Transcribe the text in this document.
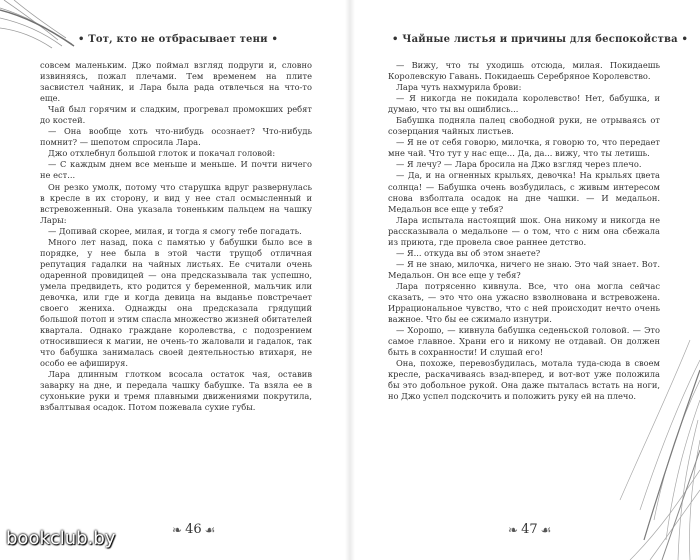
• Тот, кто не отбрасывает тени •

совсем маленьким. Джо поймал взгляд подруги и, словно извиняясь, пожал плечами. Тем временем на плите засвистел чайник, и Лара была рада отвлечься на что-то еще.

Чай был горячим и сладким, прогревал промокших ребят до костей.

— Она вообще хоть что-нибудь осознает? Что-нибудь помнит? — шепотом спросила Лара.

Джо отхлебнул большой глоток и покачал головой:

— С каждым днем все меньше и меньше. И почти ничего не ест...

Он резко умолк, потому что старушка вдруг развернулась в кресле в их сторону, и вид у нее стал осмысленный и встревоженный. Она указала тоненьким пальцем на чашку Лары:

— Допивай скорее, милая, и тогда я смогу тебе погадать.

Много лет назад, пока с памятью у бабушки было все в порядке, у нее была в этой части трущоб отличная репутация гадалки на чайных листьях. Ее считали очень одаренной провидицей — она предсказывала так успешно, умела предвидеть, кто родится у беременной, мальчик или девочка, или где и когда девица на выданье повстречает своего жениха. Однажды она предсказала грядущий большой потоп и этим спасла множество жизней обитателей квартала. Однако граждане королевства, с подозрением относившиеся к магии, не очень-то жаловали и гадалок, так что бабушка занималась своей деятельностью втихаря, не особо ее афишируя.

Лара длинным глотком всосала остаток чая, оставив заварку на дне, и передала чашку бабушке. Та взяла ее в сухонькие руки и тремя плавными движениями покрутила, взбалтывая осадок. Потом пожевала сухие губы.

❧ 46 ☙
bookclub.by
• Чайные листья и причины для беспокойства •

— Вижу, что ты уходишь отсюда, милая. Покидаешь Королевскую Гавань. Покидаешь Серебряное Королевство.

Лара чуть нахмурила брови:

— Я никогда не покидала королевство! Нет, бабушка, и думаю, что ты вы ошиблись...

Бабушка подняла палец свободной руки, не отрываясь от созерцания чайных листьев.

— Я не от себя говорю, милочка, я говорю то, что передает мне чай. Что тут у нас еще... Да, да... вижу, что ты летишь.

— Я лечу? — Лара бросила на Джо взгляд через плечо.

— Да, и на огненных крыльях, девочка! На крыльях цвета солнца! — Бабушка очень возбудилась, с живым интересом снова взболтала осадок на дне чашки. — И медальон. Медальон все еще у тебя?

Лара испытала настоящий шок. Она никому и никогда не рассказывала о медальоне — о том, что с ним она сбежала из приюта, где провела свое раннее детство.

— Я... откуда вы об этом знаете?

— Я не знаю, милочка, ничего не знаю. Это чай знает. Вот. Медальон. Он все еще у тебя?

Лара потрясенно кивнула. Все, что она могла сейчас сказать, — это что она ужасно взволнована и встревожена. Иррациональное чувство, что с ней происходит нечто очень важное. Что бы ее сжимало изнутри.

— Хорошо, — кивнула бабушка седеньской головой. — Это самое главное. Храни его и никому не отдавай. Он должен быть в сохранности! И слушай его!

Она, похоже, перевозбудилась, мотала туда-сюда в своем кресле, раскачиваясь взад-вперед, и вот-вот уже положила бы это добольное рукой. Она даже пыталась встать на ноги, но Джо успел подскочить и положить руку ей на плечо.

❧ 47 ☙
